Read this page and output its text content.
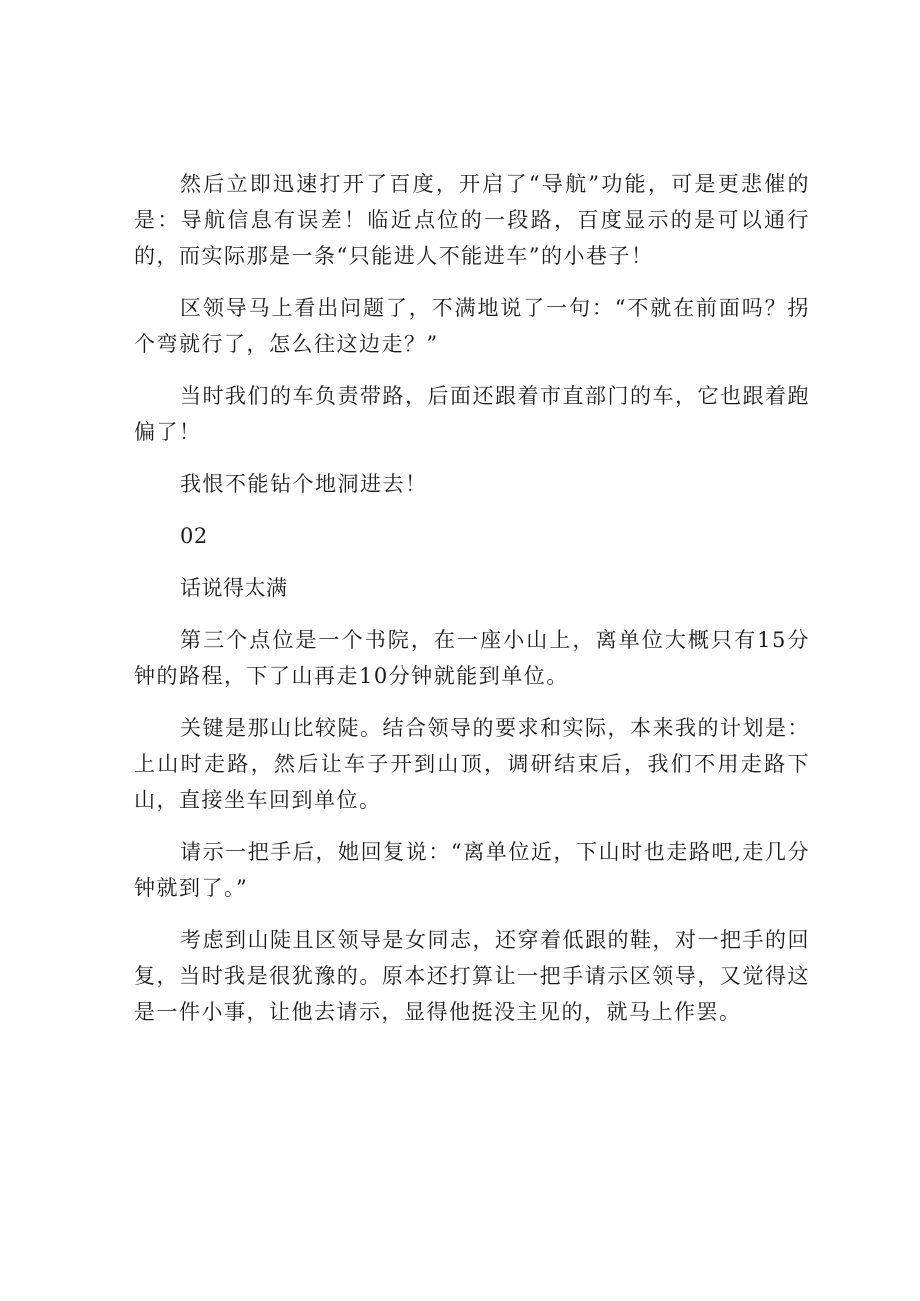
然后立即迅速打开了百度，开启了“导航”功能，可是更悲催的是：导航信息有误差！临近点位的一段路，百度显示的是可以通行的，而实际那是一条“只能进人不能进车”的小巷子！

区领导马上看出问题了，不满地说了一句：“不就在前面吗？拐个弯就行了，怎么往这边走？”

当时我们的车负责带路，后面还跟着市直部门的车，它也跟着跑偏了！

我恨不能钻个地洞进去！

02

话说得太满

第三个点位是一个书院，在一座小山上，离单位大概只有15分钟的路程，下了山再走10分钟就能到单位。

关键是那山比较陡。结合领导的要求和实际，本来我的计划是：上山时走路，然后让车子开到山顶，调研结束后，我们不用走路下山，直接坐车回到单位。

请示一把手后，她回复说：“离单位近，下山时也走路吧,走几分钟就到了。”

考虑到山陡且区领导是女同志，还穿着低跟的鞋，对一把手的回复，当时我是很犹豫的。原本还打算让一把手请示区领导，又觉得这是一件小事，让他去请示，显得他挺没主见的，就马上作罢。
